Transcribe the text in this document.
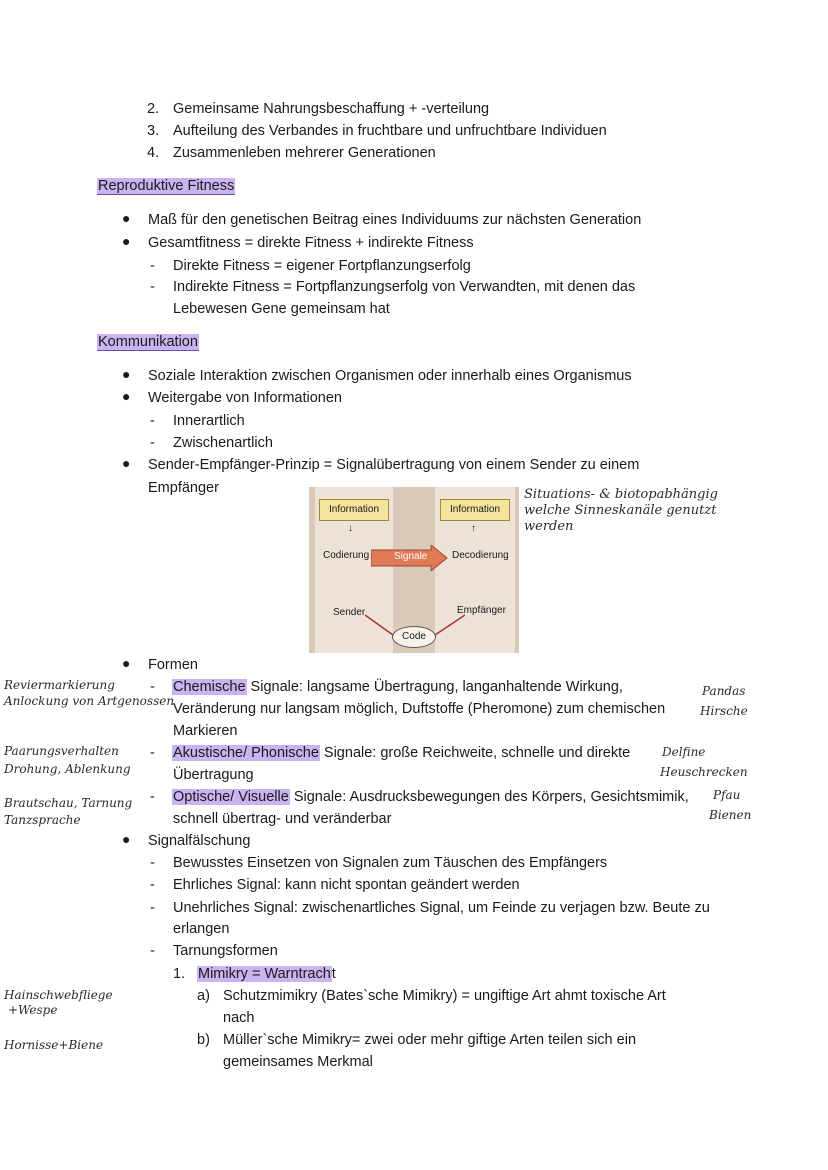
2. Gemeinsame Nahrungsbeschaffung + -verteilung
3. Aufteilung des Verbandes in fruchtbare und unfruchtbare Individuen
4. Zusammenleben mehrerer Generationen
Reproduktive Fitness
● Maß für den genetischen Beitrag eines Individuums zur nächsten Generation
● Gesamtfitness = direkte Fitness + indirekte Fitness
- Direkte Fitness = eigener Fortpflanzungserfolg
- Indirekte Fitness = Fortpflanzungserfolg von Verwandten, mit denen das
Lebewesen Gene gemeinsam hat
Kommunikation
● Soziale Interaktion zwischen Organismen oder innerhalb eines Organismus
● Weitergabe von Informationen
- Innerartlich
- Zwischenartlich
● Sender-Empfänger-Prinzip = Signalübertragung von einem Sender zu einem
Empfänger
Information	Information
↓	↑
Codierung	Decodierung
Signale
Sender	Empfänger
Code
● Formen
- Chemische Signale: langsame Übertragung, langanhaltende Wirkung,
Veränderung nur langsam möglich, Duftstoffe (Pheromone) zum chemischen
Markieren
- Akustische/ Phonische Signale: große Reichweite, schnelle und direkte
Übertragung
- Optische/ Visuelle Signale: Ausdrucksbewegungen des Körpers, Gesichtsmimik,
schnell übertrag- und veränderbar
● Signalfälschung
- Bewusstes Einsetzen von Signalen zum Täuschen des Empfängers
- Ehrliches Signal: kann nicht spontan geändert werden
- Unehrliches Signal: zwischenartliches Signal, um Feinde zu verjagen bzw. Beute zu
erlangen
- Tarnungsformen
1. Mimikry = Warntracht
a) Schutzmimikry (Bates`sche Mimikry) = ungiftige Art ahmt toxische Art
nach
b) Müller`sche Mimikry= zwei oder mehr giftige Arten teilen sich ein
gemeinsames Merkmal
Situations- & biotopabhängig
welche Sinneskanäle genutzt
werden
Reviermarkierung
Anlockung von Artgenossen
Pandas
Hirsche
Paarungsverhalten
Drohung, Ablenkung
Delfine
Heuschrecken
Brautschau, Tarnung
Tanzsprache
Pfau
Bienen
Hainschwebfliege
+Wespe
Hornisse+Biene
